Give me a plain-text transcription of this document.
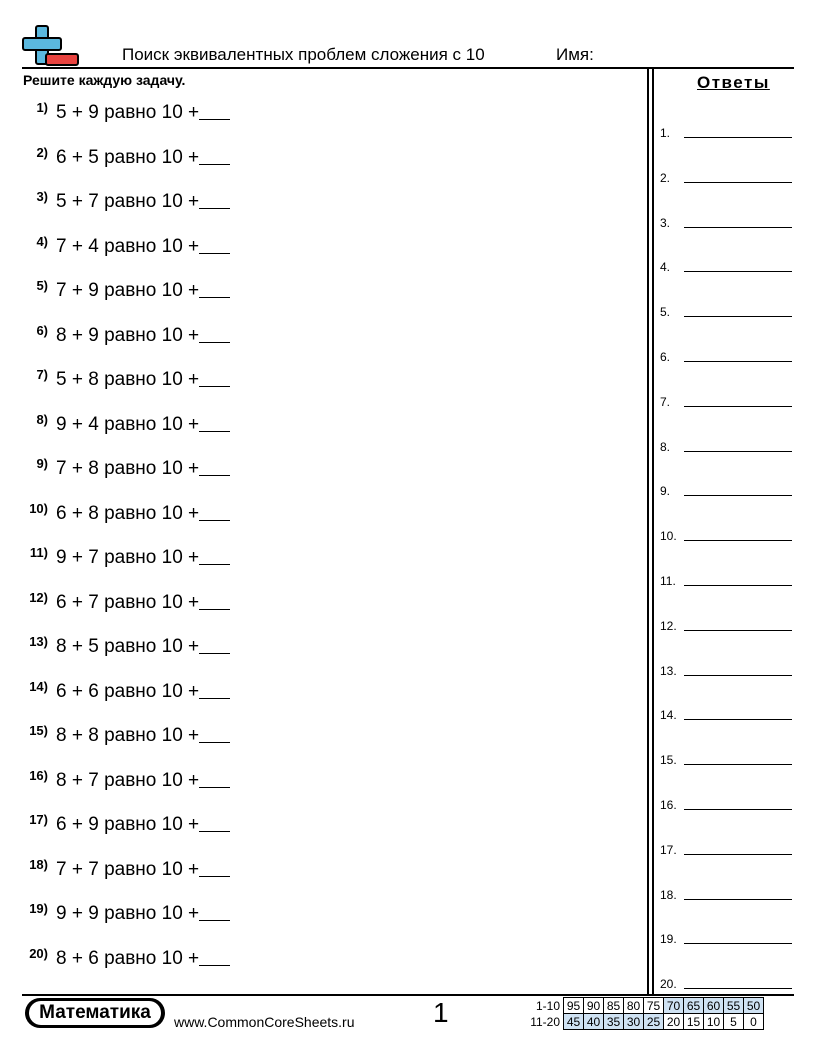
Поиск эквивалентных проблем сложения с 10	Имя:
Решите каждую задачу.	Ответы
1) 5 + 9 равно 10 +
2) 6 + 5 равно 10 +
3) 5 + 7 равно 10 +
4) 7 + 4 равно 10 +
5) 7 + 9 равно 10 +
6) 8 + 9 равно 10 +
7) 5 + 8 равно 10 +
8) 9 + 4 равно 10 +
9) 7 + 8 равно 10 +
10) 6 + 8 равно 10 +
11) 9 + 7 равно 10 +
12) 6 + 7 равно 10 +
13) 8 + 5 равно 10 +
14) 6 + 6 равно 10 +
15) 8 + 8 равно 10 +
16) 8 + 7 равно 10 +
17) 6 + 9 равно 10 +
18) 7 + 7 равно 10 +
19) 9 + 9 равно 10 +
20) 8 + 6 равно 10 +
1.
2.
3.
4.
5.
6.
7.
8.
9.
10.
11.
12.
13.
14.
15.
16.
17.
18.
19.
20.
Математика	www.CommonCoreSheets.ru	1	1-10	95	90	85	80	75	70	65	60	55	50
11-20	45	40	35	30	25	20	15	10	5	0
